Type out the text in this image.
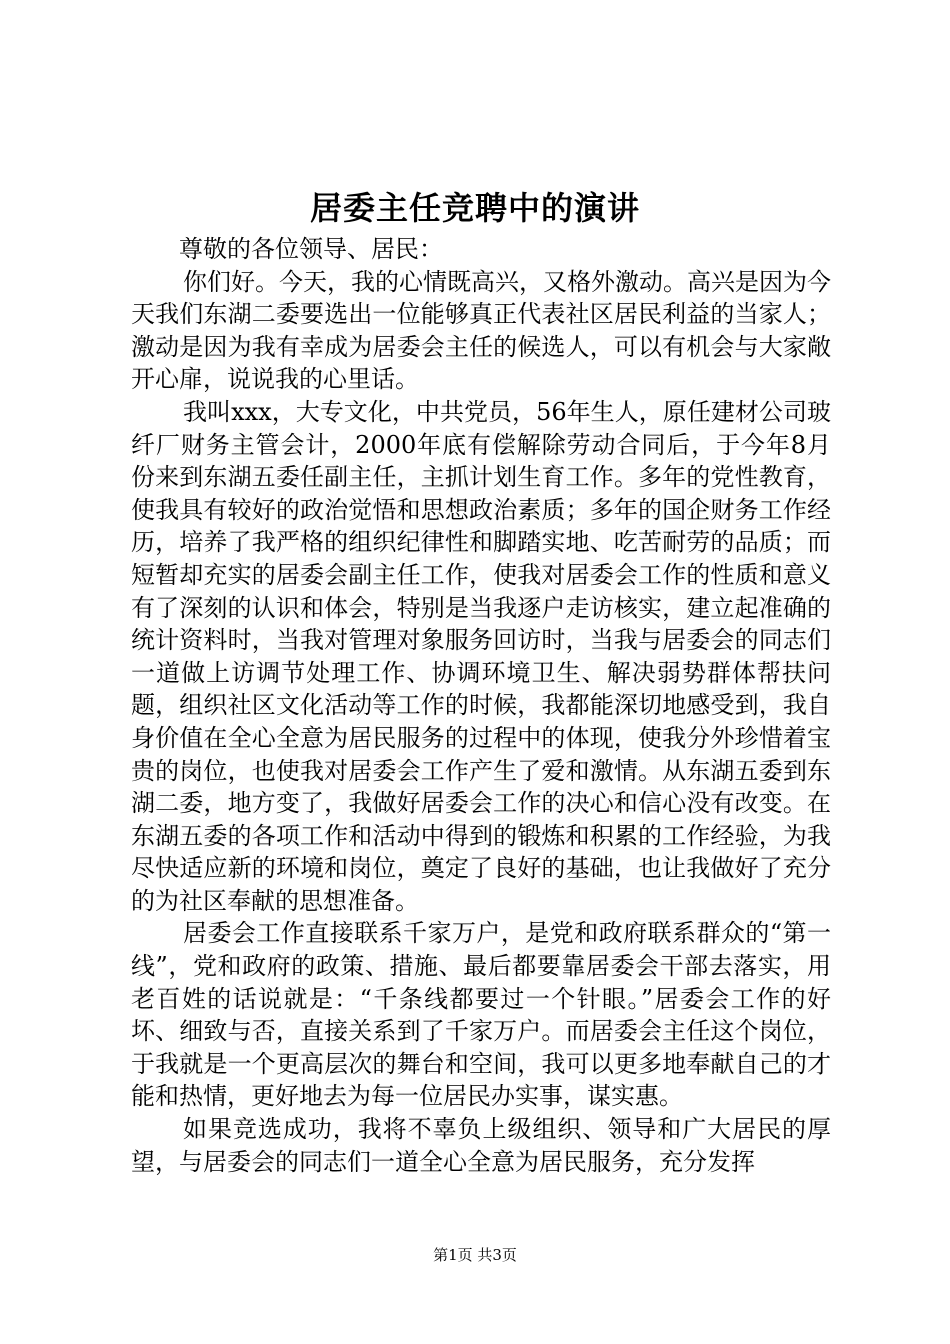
居委主任竞聘中的演讲

尊敬的各位领导、居民：

你们好。今天，我的心情既高兴，又格外激动。高兴是因为今天我们东湖二委要选出一位能够真正代表社区居民利益的当家人；激动是因为我有幸成为居委会主任的候选人，可以有机会与大家敞开心扉，说说我的心里话。

我叫xxx，大专文化，中共党员，56年生人，原任建材公司玻纤厂财务主管会计，2000年底有偿解除劳动合同后，于今年8月份来到东湖五委任副主任，主抓计划生育工作。多年的党性教育，使我具有较好的政治觉悟和思想政治素质；多年的国企财务工作经历，培养了我严格的组织纪律性和脚踏实地、吃苦耐劳的品质；而短暂却充实的居委会副主任工作，使我对居委会工作的性质和意义有了深刻的认识和体会，特别是当我逐户走访核实，建立起准确的统计资料时，当我对管理对象服务回访时，当我与居委会的同志们一道做上访调节处理工作、协调环境卫生、解决弱势群体帮扶问题，组织社区文化活动等工作的时候，我都能深切地感受到，我自身价值在全心全意为居民服务的过程中的体现，使我分外珍惜着宝贵的岗位，也使我对居委会工作产生了爱和激情。从东湖五委到东湖二委，地方变了，我做好居委会工作的决心和信心没有改变。在东湖五委的各项工作和活动中得到的锻炼和积累的工作经验，为我尽快适应新的环境和岗位，奠定了良好的基础，也让我做好了充分的为社区奉献的思想准备。

居委会工作直接联系千家万户，是党和政府联系群众的“第一线”，党和政府的政策、措施、最后都要靠居委会干部去落实，用老百姓的话说就是：“千条线都要过一个针眼。”居委会工作的好坏、细致与否，直接关系到了千家万户。而居委会主任这个岗位，于我就是一个更高层次的舞台和空间，我可以更多地奉献自己的才能和热情，更好地去为每一位居民办实事，谋实惠。

如果竞选成功，我将不辜负上级组织、领导和广大居民的厚望，与居委会的同志们一道全心全意为居民服务，充分发挥

第1页 共3页
